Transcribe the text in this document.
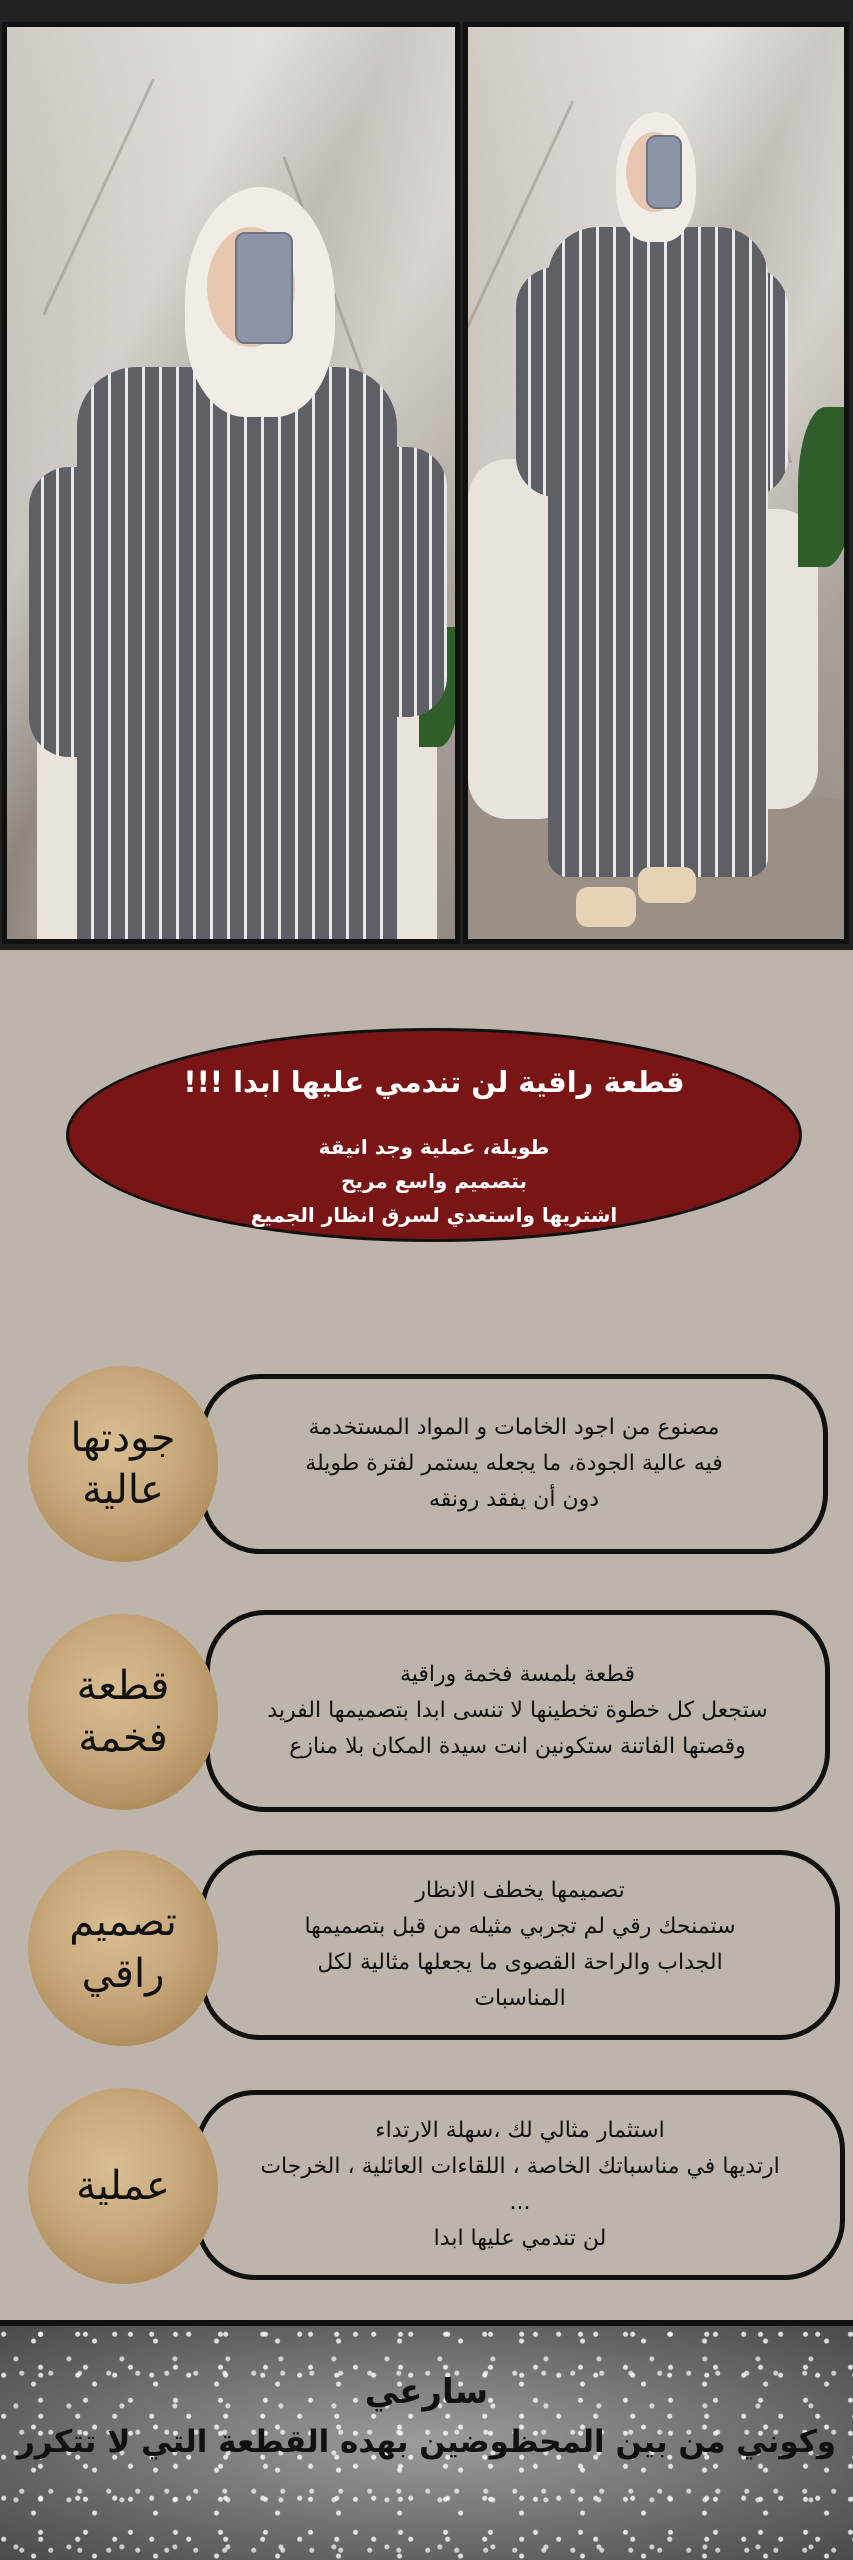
قطعة راقية لن تندمي عليها ابدا !!!
طويلة، عملية وجد انيقة
بتصميم واسع مريح
اشتريها واستعدي لسرق انظار الجميع

مصنوع من اجود الخامات و المواد المستخدمة

فيه عالية الجودة، ما يجعله يستمر لفترة طويلة

دون أن يفقد رونقه

جودتها
عالية

قطعة بلمسة فخمة وراقية

ستجعل كل خطوة تخطينها لا تنسى ابدا بتصميمها الفريد

وقصتها الفاتنة ستكونين انت سيدة المكان بلا منازع

قطعة
فخمة

تصميمها يخطف الانظار

ستمنحك رقي لم تجربي مثيله من قبل بتصميمها

الجداب والراحة القصوى ما يجعلها مثالية لكل

المناسبات

تصميم
راقي

استثمار مثالي لك ،سهلة الارتداء

ارتديها في مناسباتك الخاصة ، اللقاءات العائلية ، الخرجات

...

لن تندمي عليها ابدا

عملية
سارعي
وكوني من بين المحظوضين بهده القطعة التي لا تتكرر
